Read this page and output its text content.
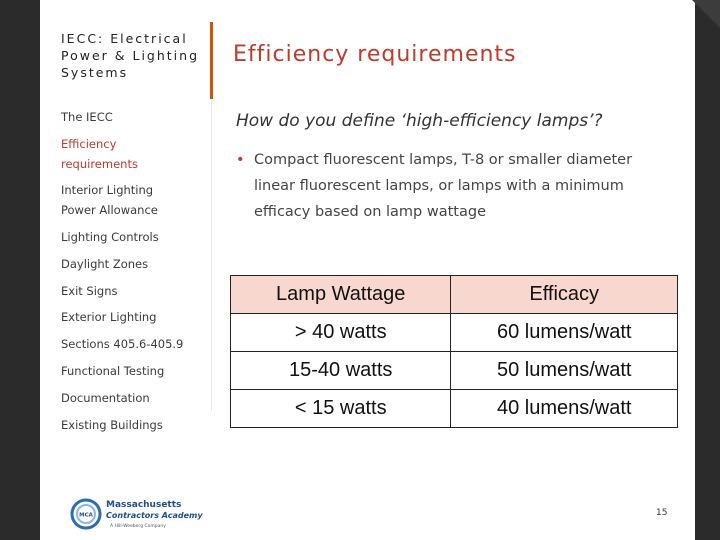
IECC: Electrical Power & Lighting Systems
The IECC
Efficiency requirements
Interior Lighting Power Allowance
Lighting Controls
Daylight Zones
Exit Signs
Exterior Lighting
Sections 405.6-405.9
Functional Testing
Documentation
Existing Buildings
Efficiency requirements
How do you define ‘high-efficiency lamps’?
• Compact fluorescent lamps, T-8 or smaller diameter linear fluorescent lamps, or lamps with a minimum efficacy based on lamp wattage
Lamp Wattage	Efficacy
> 40 watts	60 lumens/watt
15-40 watts	50 lumens/watt
< 15 watts	40 lumens/watt
MCA
Massachusetts
Contractors Academy
A Hill-Weeberg Company
15
